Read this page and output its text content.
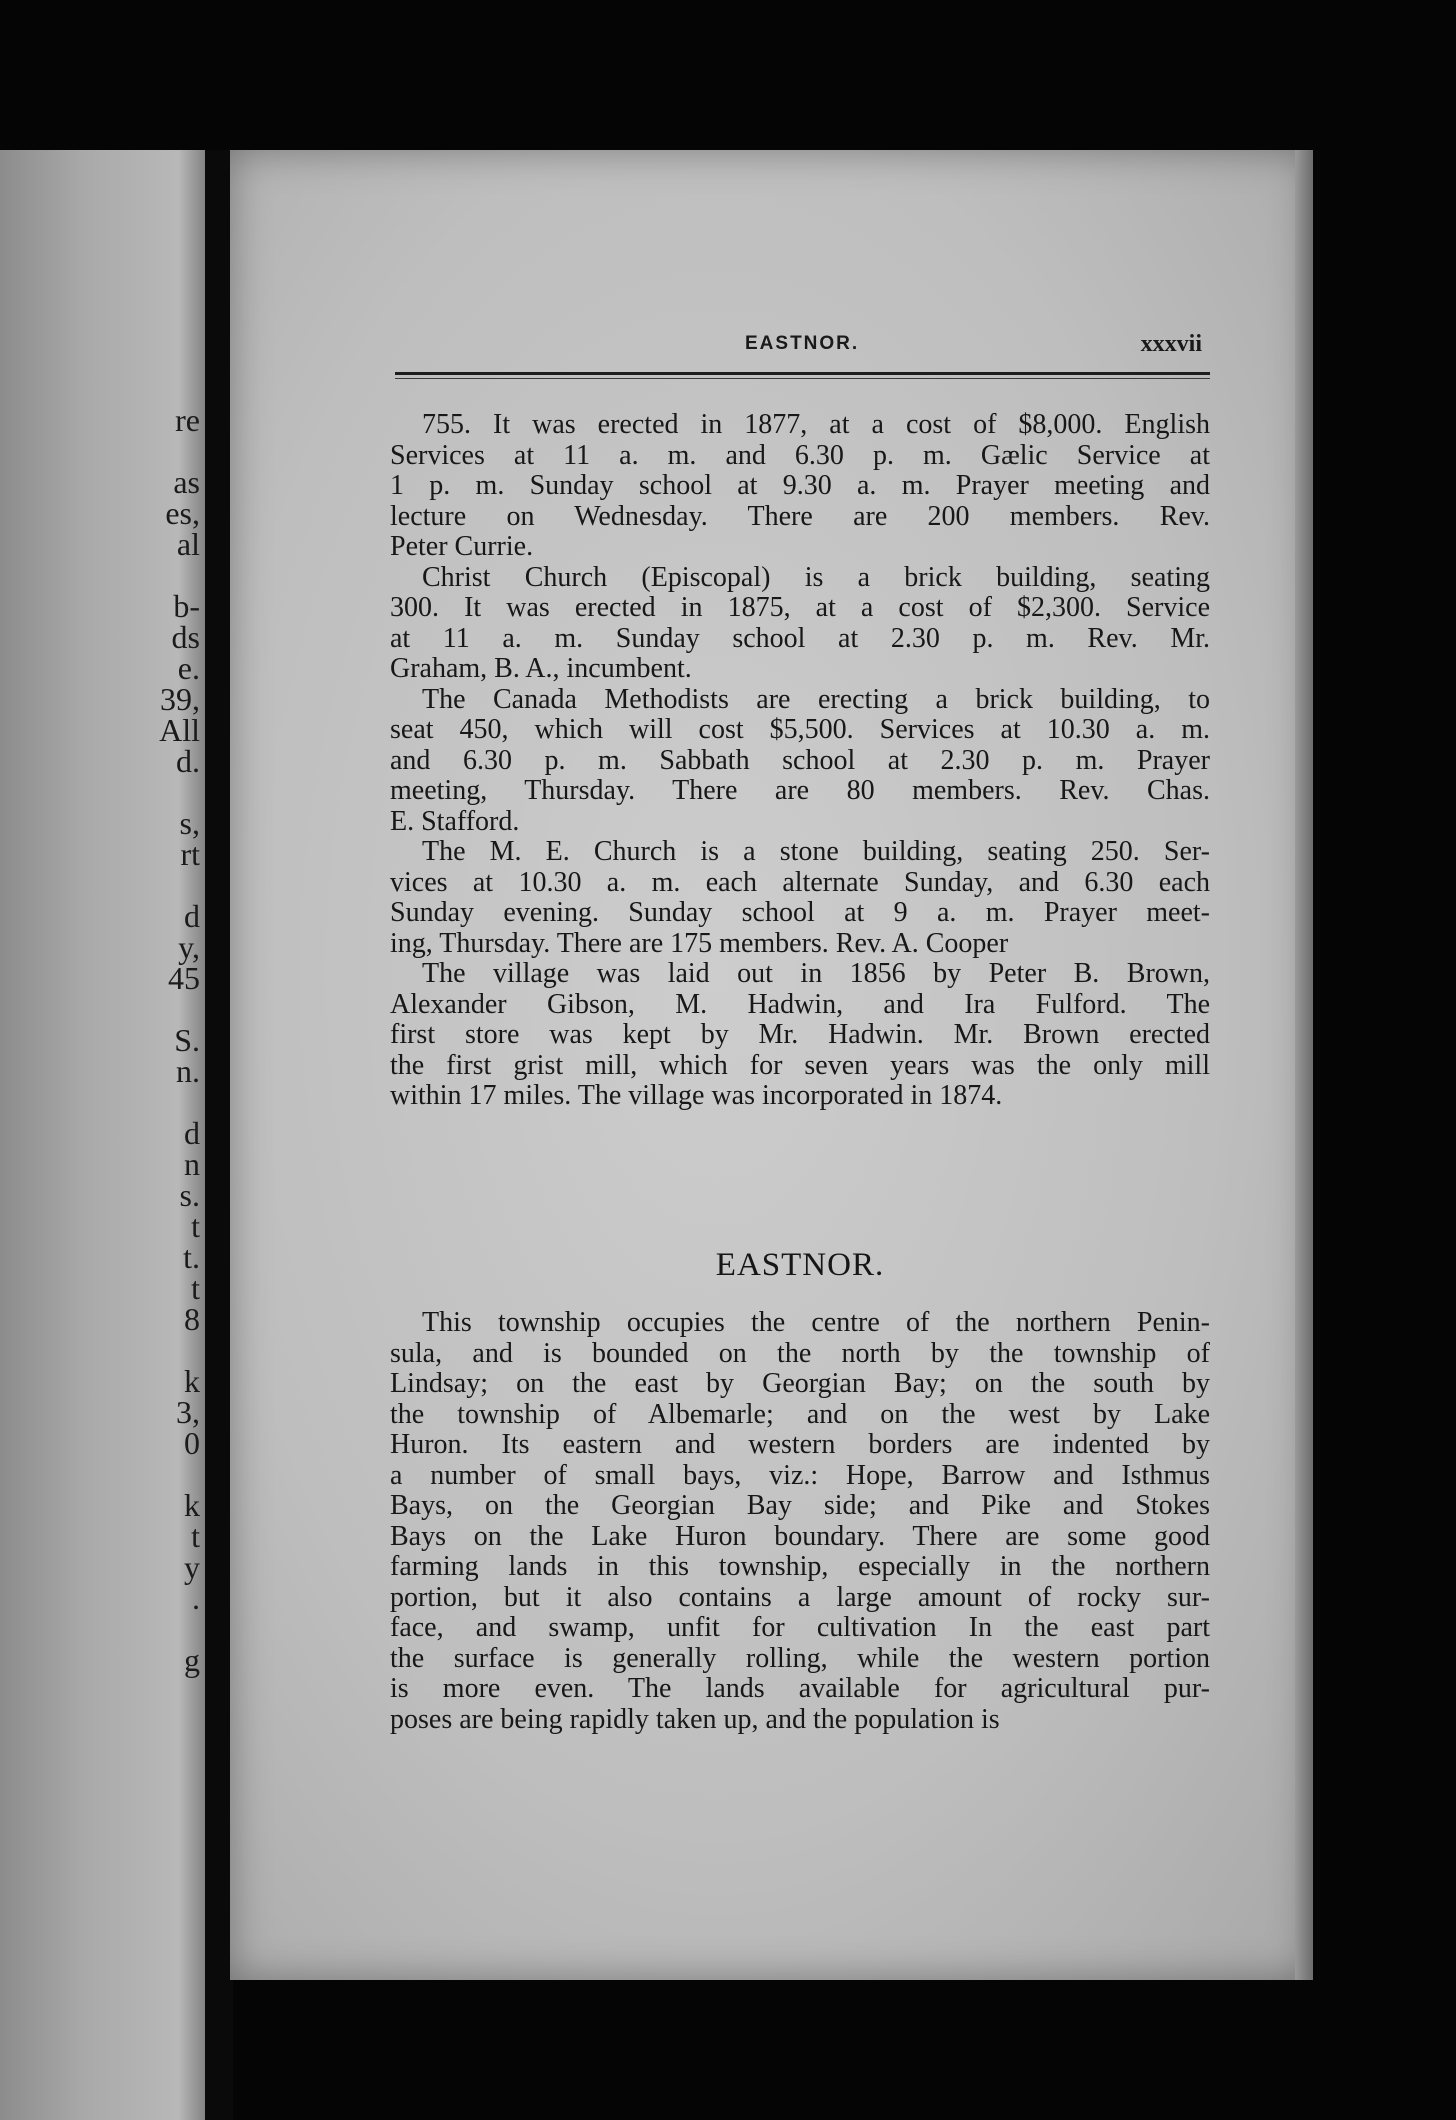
re
as
es,
al
b-
ds
e.
39,
All
d.
s,
rt
d
y,
45
S.
n.
d
n
s.
t
t.
t
8
k
3,
0
k
t
y
.
g
EASTNOR.	xxxvii
755. It was erected in 1877, at a cost of $8,000. English
Services at 11 a. m. and 6.30 p. m. Gælic Service at
1 p. m. Sunday school at 9.30 a. m. Prayer meeting and
lecture on Wednesday. There are 200 members. Rev.
Peter Currie.
Christ Church (Episcopal) is a brick building, seating
300. It was erected in 1875, at a cost of $2,300. Service
at 11 a. m. Sunday school at 2.30 p. m. Rev. Mr.
Graham, B. A., incumbent.
The Canada Methodists are erecting a brick building, to
seat 450, which will cost $5,500. Services at 10.30 a. m.
and 6.30 p. m. Sabbath school at 2.30 p. m. Prayer
meeting, Thursday. There are 80 members. Rev. Chas.
E. Stafford.
The M. E. Church is a stone building, seating 250. Ser-
vices at 10.30 a. m. each alternate Sunday, and 6.30 each
Sunday evening. Sunday school at 9 a. m. Prayer meet-
ing, Thursday. There are 175 members. Rev. A. Cooper
The village was laid out in 1856 by Peter B. Brown,
Alexander Gibson, M. Hadwin, and Ira Fulford. The
first store was kept by Mr. Hadwin. Mr. Brown erected
the first grist mill, which for seven years was the only mill
within 17 miles. The village was incorporated in 1874.
EASTNOR.
This township occupies the centre of the northern Penin-
sula, and is bounded on the north by the township of
Lindsay; on the east by Georgian Bay; on the south by
the township of Albemarle; and on the west by Lake
Huron. Its eastern and western borders are indented by
a number of small bays, viz.: Hope, Barrow and Isthmus
Bays, on the Georgian Bay side; and Pike and Stokes
Bays on the Lake Huron boundary. There are some good
farming lands in this township, especially in the northern
portion, but it also contains a large amount of rocky sur-
face, and swamp, unfit for cultivation In the east part
the surface is generally rolling, while the western portion
is more even. The lands available for agricultural pur-
poses are being rapidly taken up, and the population is
